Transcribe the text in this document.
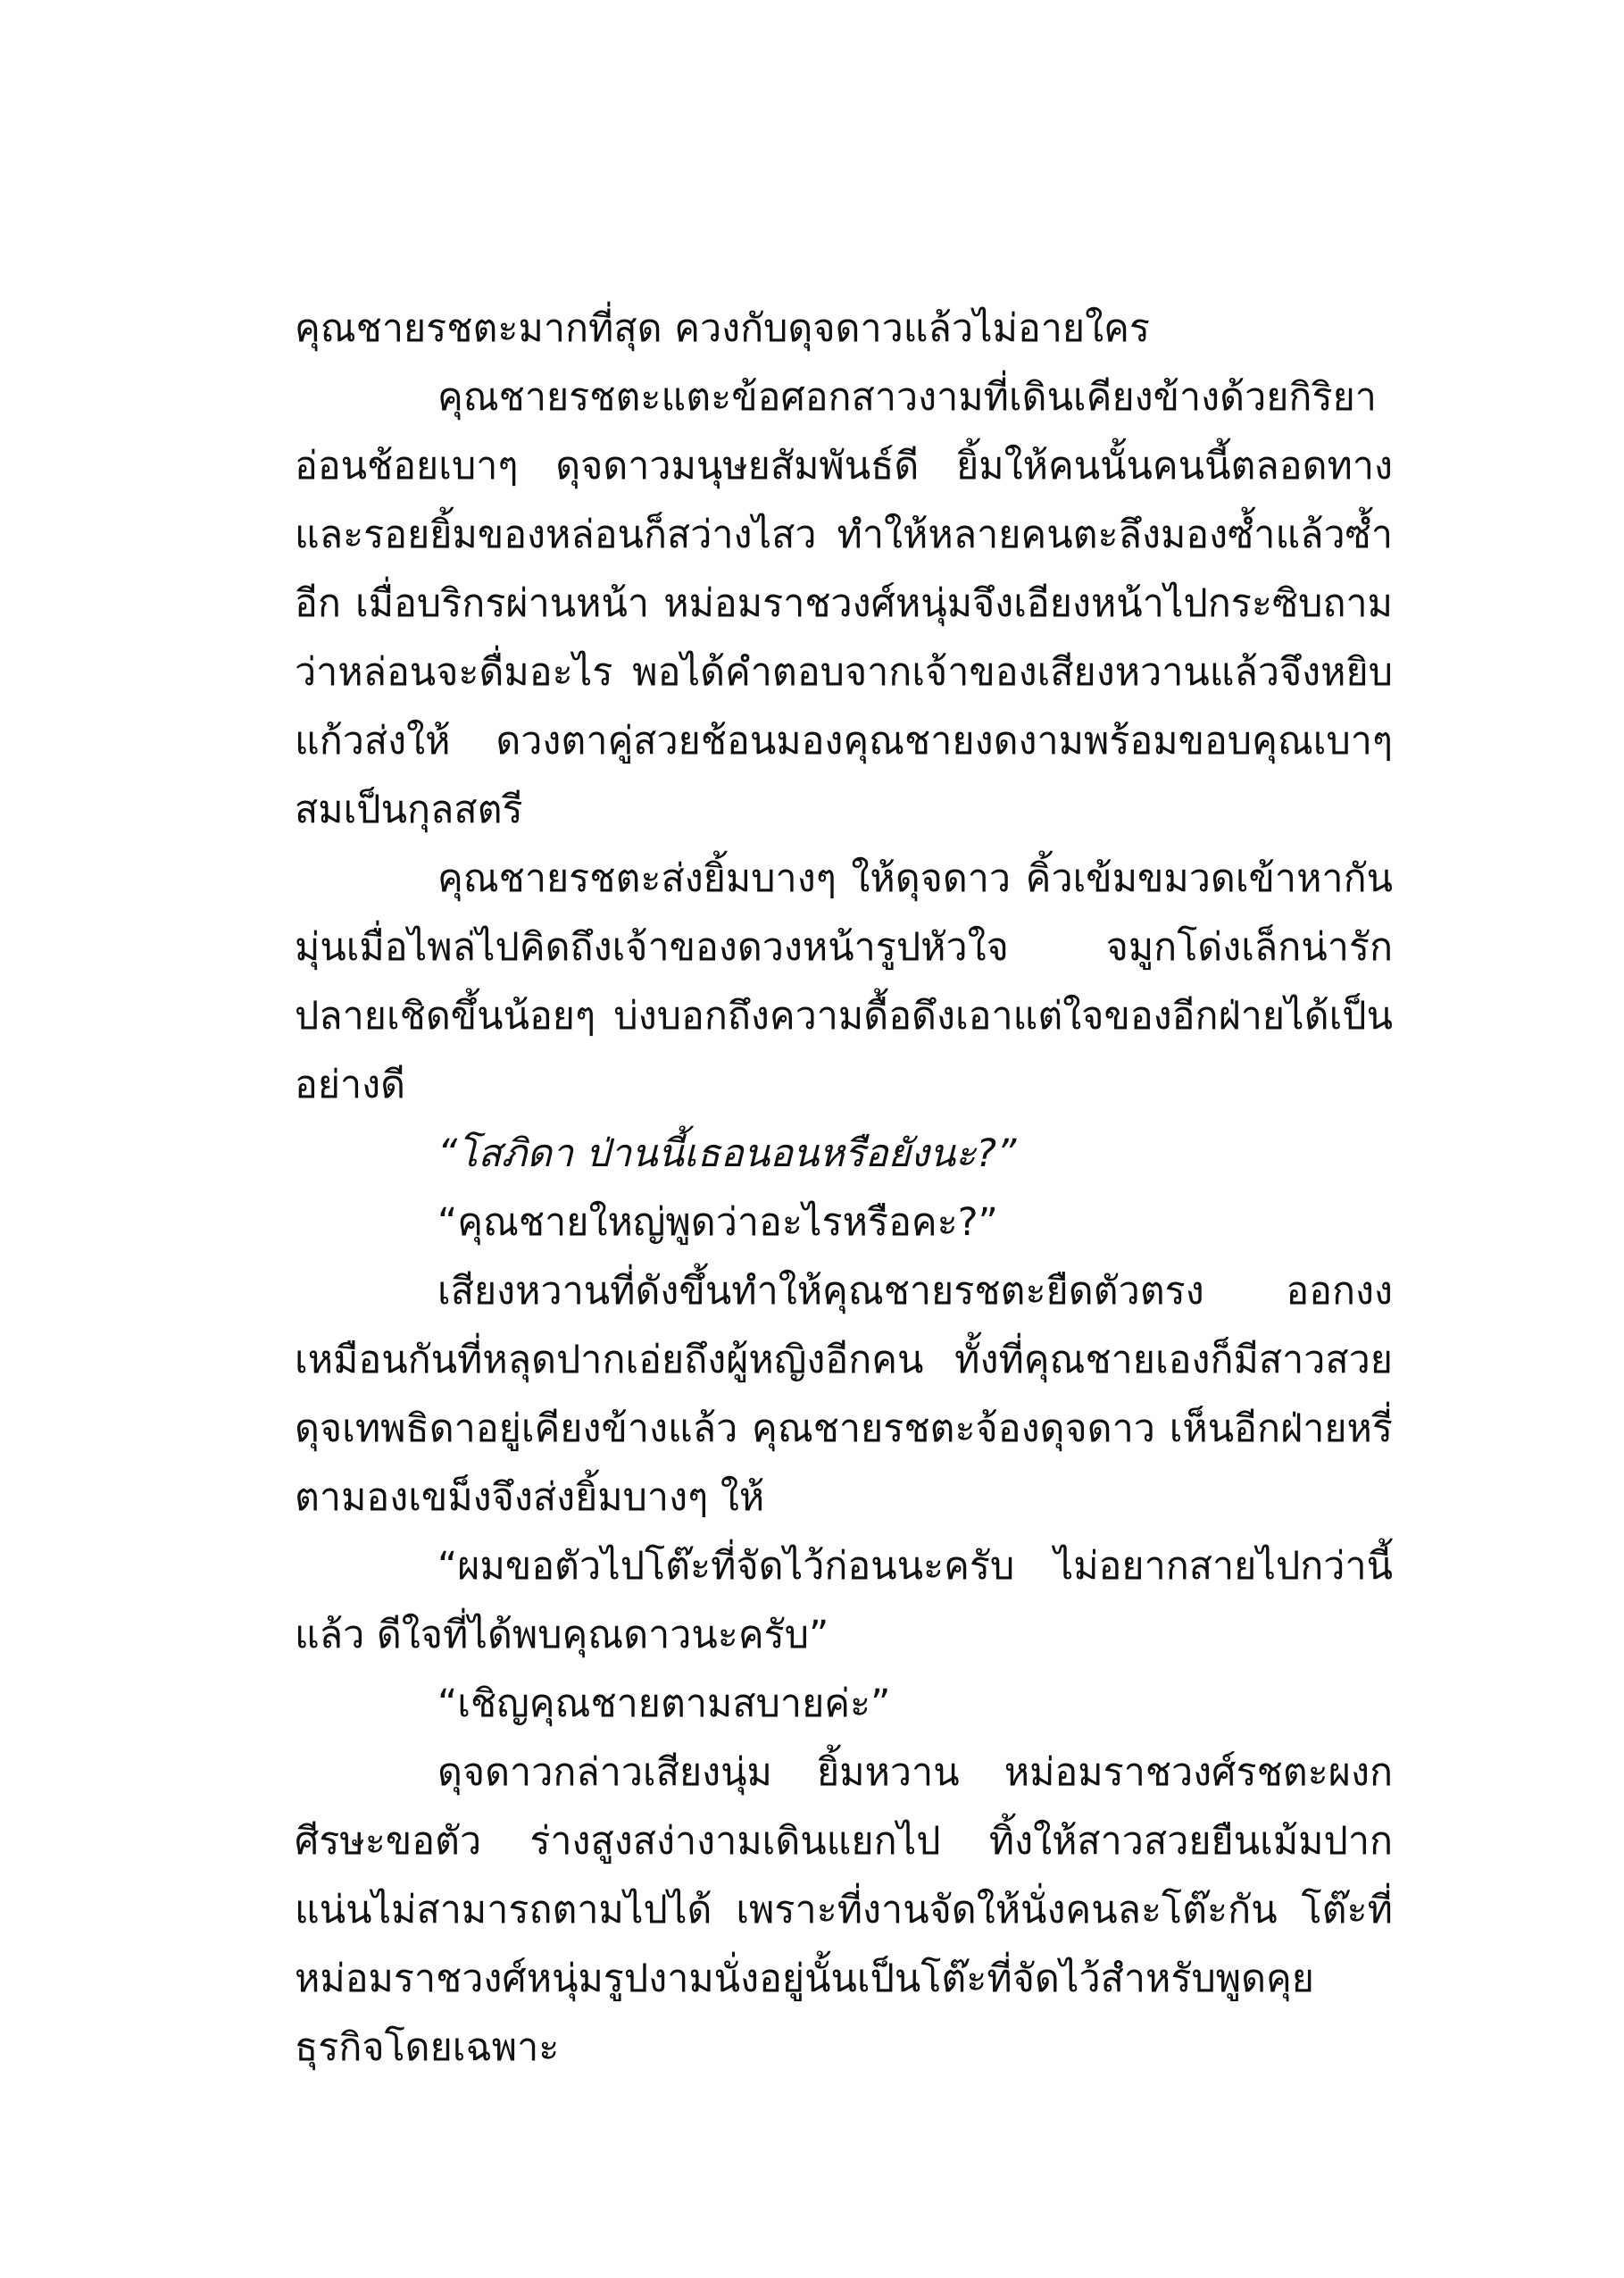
คุณชายรชตะมากที่สุด ควงกับดุจดาวแล้วไม่อายใคร

คุณชายรชตะแตะข้อศอกสาวงามที่เดินเคียงข้างด้วยกิริยาอ่อนช้อยเบาๆ ดุจดาวมนุษยสัมพันธ์ดี ยิ้มให้คนนั้นคนนี้ตลอดทางและรอยยิ้มของหล่อนก็สว่างไสว ทำให้หลายคนตะลึงมองซ้ำแล้วซ้ำอีก เมื่อบริกรผ่านหน้า หม่อมราชวงศ์หนุ่มจึงเอียงหน้าไปกระซิบถามว่าหล่อนจะดื่มอะไร พอได้คำตอบจากเจ้าของเสียงหวานแล้วจึงหยิบแก้วส่งให้ ดวงตาคู่สวยช้อนมองคุณชายงดงามพร้อมขอบคุณเบาๆ สมเป็นกุลสตรี

คุณชายรชตะส่งยิ้มบางๆ ให้ดุจดาว คิ้วเข้มขมวดเข้าหากันมุ่นเมื่อไพล่ไปคิดถึงเจ้าของดวงหน้ารูปหัวใจ จมูกโด่งเล็กน่ารักปลายเชิดขึ้นน้อยๆ บ่งบอกถึงความดื้อดึงเอาแต่ใจของอีกฝ่ายได้เป็นอย่างดี

“โสภิดา ป่านนี้เธอนอนหรือยังนะ?”

“คุณชายใหญ่พูดว่าอะไรหรือคะ?”

เสียงหวานที่ดังขึ้นทำให้คุณชายรชตะยืดตัวตรง ออกงงเหมือนกันที่หลุดปากเอ่ยถึงผู้หญิงอีกคน ทั้งที่คุณชายเองก็มีสาวสวยดุจเทพธิดาอยู่เคียงข้างแล้ว คุณชายรชตะจ้องดุจดาว เห็นอีกฝ่ายหรี่ตามองเขม็งจึงส่งยิ้มบางๆ ให้

“ผมขอตัวไปโต๊ะที่จัดไว้ก่อนนะครับ ไม่อยากสายไปกว่านี้แล้ว ดีใจที่ได้พบคุณดาวนะครับ”

“เชิญคุณชายตามสบายค่ะ”

ดุจดาวกล่าวเสียงนุ่ม ยิ้มหวาน หม่อมราชวงศ์รชตะผงกศีรษะขอตัว ร่างสูงสง่างามเดินแยกไป ทิ้งให้สาวสวยยืนเม้มปากแน่นไม่สามารถตามไปได้ เพราะที่งานจัดให้นั่งคนละโต๊ะกัน โต๊ะที่หม่อมราชวงศ์หนุ่มรูปงามนั่งอยู่นั้นเป็นโต๊ะที่จัดไว้สำหรับพูดคุยธุรกิจโดยเฉพาะ
